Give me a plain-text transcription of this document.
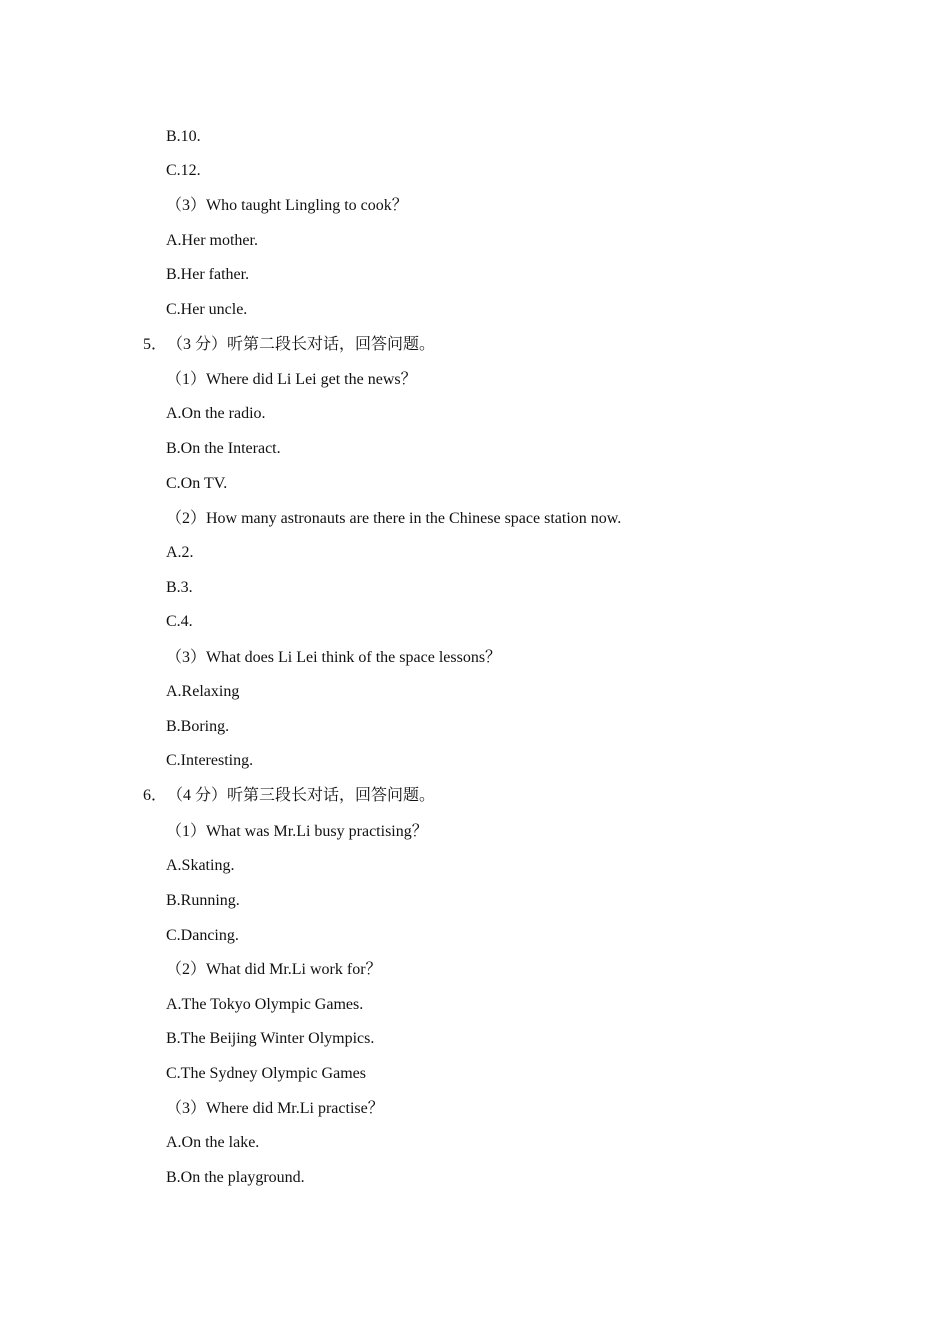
B.10.
C.12.
（3）Who taught Lingling to cook？
A.Her mother.
B.Her father.
C.Her uncle.
5．（3 分）听第二段长对话，回答问题。
（1）Where did Li Lei get the news？
A.On the radio.
B.On the Interact.
C.On TV.
（2）How many astronauts are there in the Chinese space station now.
A.2.
B.3.
C.4.
（3）What does Li Lei think of the space lessons？
A.Relaxing
B.Boring.
C.Interesting.
6．（4 分）听第三段长对话，回答问题。
（1）What was Mr.Li busy practising？
A.Skating.
B.Running.
C.Dancing.
（2）What did Mr.Li work for？
A.The Tokyo Olympic Games.
B.The Beijing Winter Olympics.
C.The Sydney Olympic Games
（3）Where did Mr.Li practise？
A.On the lake.
B.On the playground.
